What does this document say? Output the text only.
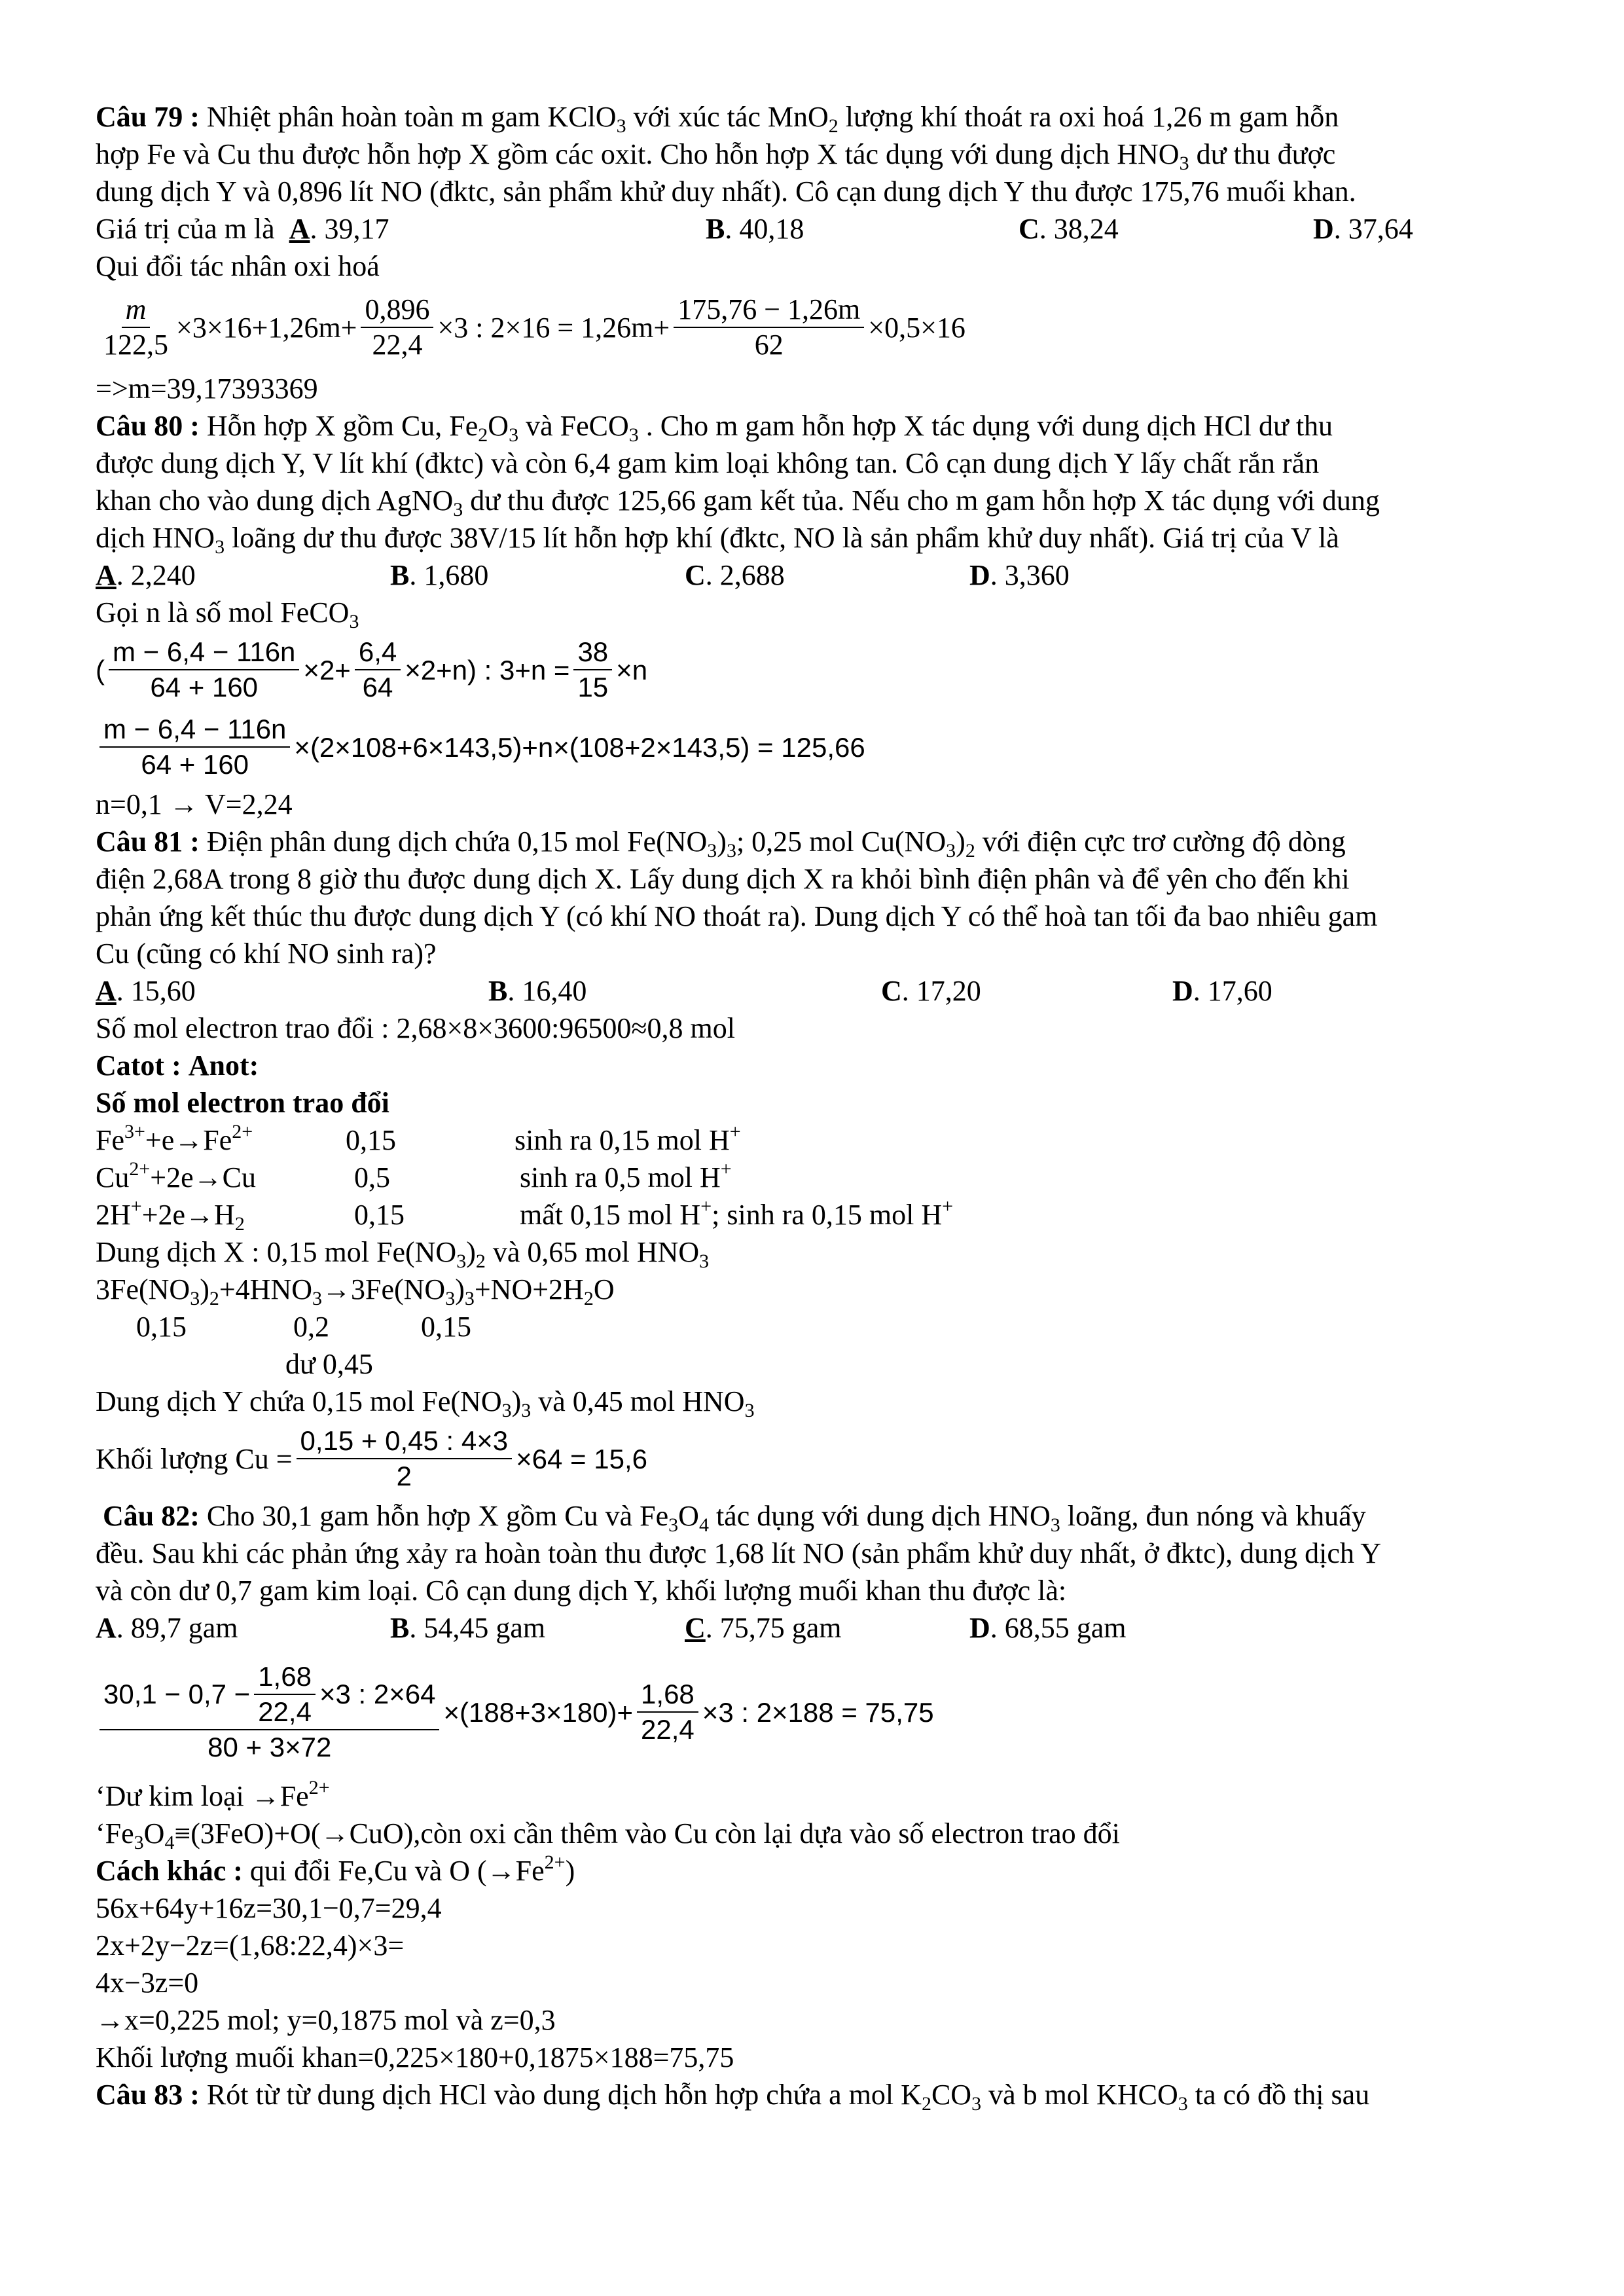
Câu 79 : Nhiệt phân hoàn toàn m gam KClO$_3$ với xúc tác MnO$_2$ lượng khí thoát ra oxi hoá 1,26 m gam hỗn
hợp Fe và Cu thu được hỗn hợp X gồm các oxit. Cho hỗn hợp X tác dụng với dung dịch $HNO_3$ dư thu được
dung dịch Y và 0,896 lít NO (đktc, sản phẩm khử duy nhất). Cô cạn dung dịch Y thu được 175,76 muối khan.
Giá trị của m là A. 39,17	B. 40,18	C. 38,24	D. 37,64
Qui đổi tác nhân oxi hoá
$\frac{m}{122,5} \times 3\times 16+1,26m+ \frac{0,896}{22,4} \times 3$ : $2\times 16 = 1,26m+ \frac{175,76 - 1,26m}{62} \times 0,5\times 16$
=>m=39,17393369
Câu 80 : Hỗn hợp X gồm Cu, $Fe_2O_3$ và FeCO$_3$ . Cho m gam hỗn hợp X tác dụng với dung dịch HCl dư thu
được dung dịch Y, V lít khí (đktc) và còn 6,4 gam kim loại không tan. Cô cạn dung dịch Y lấy chất rắn rắn
khan cho vào dung dịch AgNO$_3$ dư thu được 125,66 gam kết tủa. Nếu cho m gam hỗn hợp X tác dụng với dung
dịch $HNO_3$ loãng dư thu được 38V/15 lít hỗn hợp khí (đktc, NO là sản phẩm khử duy nhất). Giá trị của V là
A. 2,240	B. 1,680	C. 2,688	D. 3,360
Gọi n là số mol FeCO$_3$
( $\frac{m - 6,4 - 116n}{64 + 160} \times 2+ \frac{6,4}{64} \times 2+n$) : $3+n = \frac{38}{15} \times n$
$\frac{m - 6,4 - 116n}{64 + 160} \times(2\times 108+6\times 143,5)+n\times(108+2\times 143,5) = 125,66$
n=0,1 → V=2,24
Câu 81 : Điện phân dung dịch chứa 0,15 mol $Fe(NO_3)_3$; 0,25 mol $Cu(NO_3)_2$ với điện cực trơ cường độ dòng
điện 2,68A trong 8 giờ thu được dung dịch X. Lấy dung dịch X ra khỏi bình điện phân và để yên cho đến khi
phản ứng kết thúc thu được dung dịch Y (có khí NO thoát ra). Dung dịch Y có thể hoà tan tối đa bao nhiêu gam
Cu (cũng có khí NO sinh ra)?
A. 15,60	B. 16,40	C. 17,20	D. 17,60
Số mol electron trao đổi : 2,68×8×3600:96500≈0,8 mol
Catot : Anot:
Số mol electron trao đổi
$Fe^{3+}+e\to Fe^{2+}$	0,15	sinh ra 0,15 mol H+
$Cu^{2+}+2e\to Cu$	0,5	sinh ra 0,5 mol H+
$2H^++2e\to H_2$	0,15	mất 0,15 mol H+; sinh ra 0,15 mol H+
Dung dịch X : 0,15 mol $Fe(NO_3)_2$ và 0,65 mol $HNO_3$
$3Fe(NO_3)_2+4HNO_3\to 3Fe(NO_3)_3+NO+2H_2O$
0,15	0,2	0,15
dư 0,45
Dung dịch Y chứa 0,15 mol $Fe(NO_3)_3$ và 0,45 mol $HNO_3$
Khối lượng $Cu = \frac{0,15 + 0,45 : 4\times 3}{2} \times 64 = 15,6$
Câu 82: Cho 30,1 gam hỗn hợp X gồm Cu và $Fe_3O_4$ tác dụng với dung dịch $HNO_3$ loãng, đun nóng và khuấy
đều. Sau khi các phản ứng xảy ra hoàn toàn thu được 1,68 lít NO (sản phẩm khử duy nhất, ở đktc), dung dịch Y
và còn dư 0,7 gam kim loại. Cô cạn dung dịch Y, khối lượng muối khan thu được là:
A. 89,7 gam	B. 54,45 gam	C. 75,75 gam	D. 68,55 gam
$\frac{30,1 - 0,7 - \frac{1,68}{22,4} \times 3 : 2\times 64}{80 + 3\times 72} \times(188+3\times 180)+ \frac{1,68}{22,4} \times 3$ : 2×188 = 75,75
‘Dư kim loại $\to Fe^{2+}$
‘$Fe_3O_4\equiv(3FeO)+O(\to CuO),còn$ oxi cần thêm vào Cu còn lại dựa vào số electron trao đổi
Cách khác : qui đổi Fe,Cu và O $(\to Fe^{2+})$
56x+64y+16z=30,1−0,7=29,4
2x+2y−2z=(1,68:22,4)×3=
4x−3z=0
→x=0,225 mol; y=0,1875 mol và z=0,3
Khối lượng muối khan=0,225×180+0,1875×188=75,75
Câu 83 : Rót từ từ dung dịch HCl vào dung dịch hỗn hợp chứa a mol $K_2CO_3$ và b mol $KHCO_3$ ta có đồ thị sau
